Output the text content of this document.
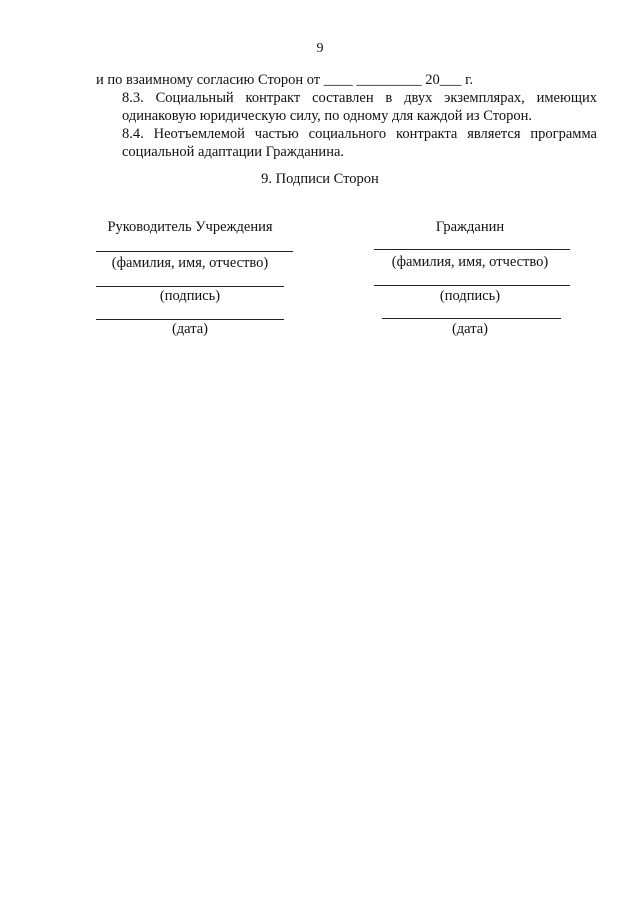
9
и по взаимному согласию Сторон от ____ _________ 20___ г.
8.3. Социальный контракт составлен в двух экземплярах, имеющих
одинаковую юридическую силу, по одному для каждой из Сторон.
8.4. Неотъемлемой частью социального контракта является программа
социальной адаптации Гражданина.
9. Подписи Сторон
Руководитель Учреждения
(фамилия, имя, отчество)
(подпись)
(дата)
Гражданин
(фамилия, имя, отчество)
(подпись)
(дата)
